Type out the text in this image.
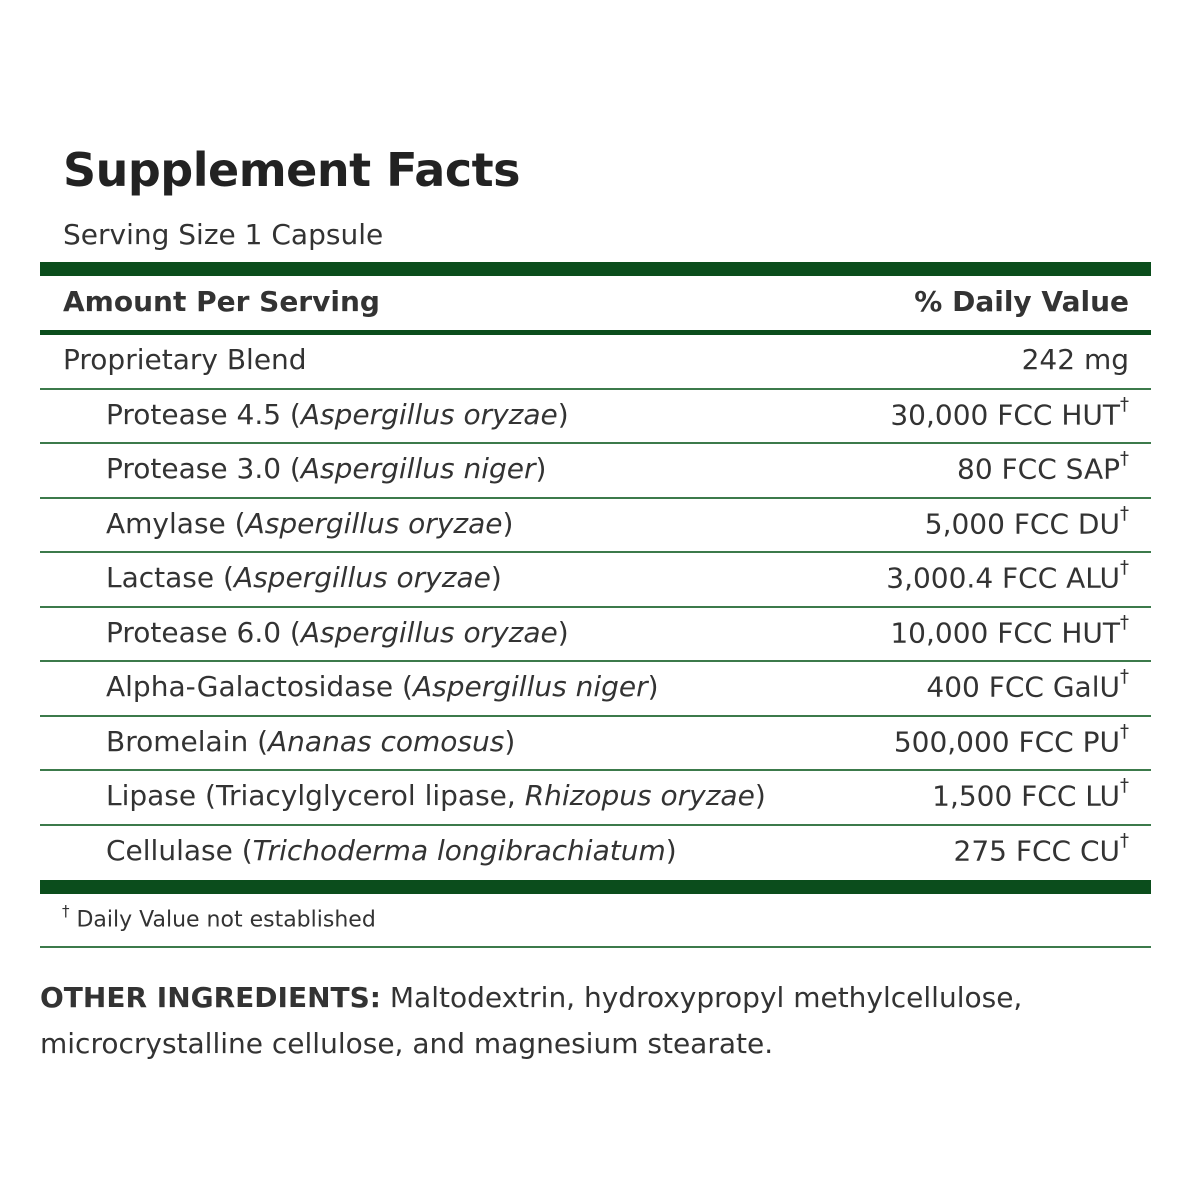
Supplement Facts
Serving Size 1 Capsule
Amount Per Serving	% Daily Value
Proprietary Blend	242 mg
Protease 4.5 (Aspergillus oryzae)	30,000 FCC HUT†
Protease 3.0 (Aspergillus niger)	80 FCC SAP†
Amylase (Aspergillus oryzae)	5,000 FCC DU†
Lactase (Aspergillus oryzae)	3,000.4 FCC ALU†
Protease 6.0 (Aspergillus oryzae)	10,000 FCC HUT†
Alpha-Galactosidase (Aspergillus niger)	400 FCC GalU†
Bromelain (Ananas comosus)	500,000 FCC PU†
Lipase (Triacylglycerol lipase, Rhizopus oryzae)	1,500 FCC LU†
Cellulase (Trichoderma longibrachiatum)	275 FCC CU†
† Daily Value not established
OTHER INGREDIENTS: Maltodextrin, hydroxypropyl methylcellulose, microcrystalline cellulose, and magnesium stearate.
